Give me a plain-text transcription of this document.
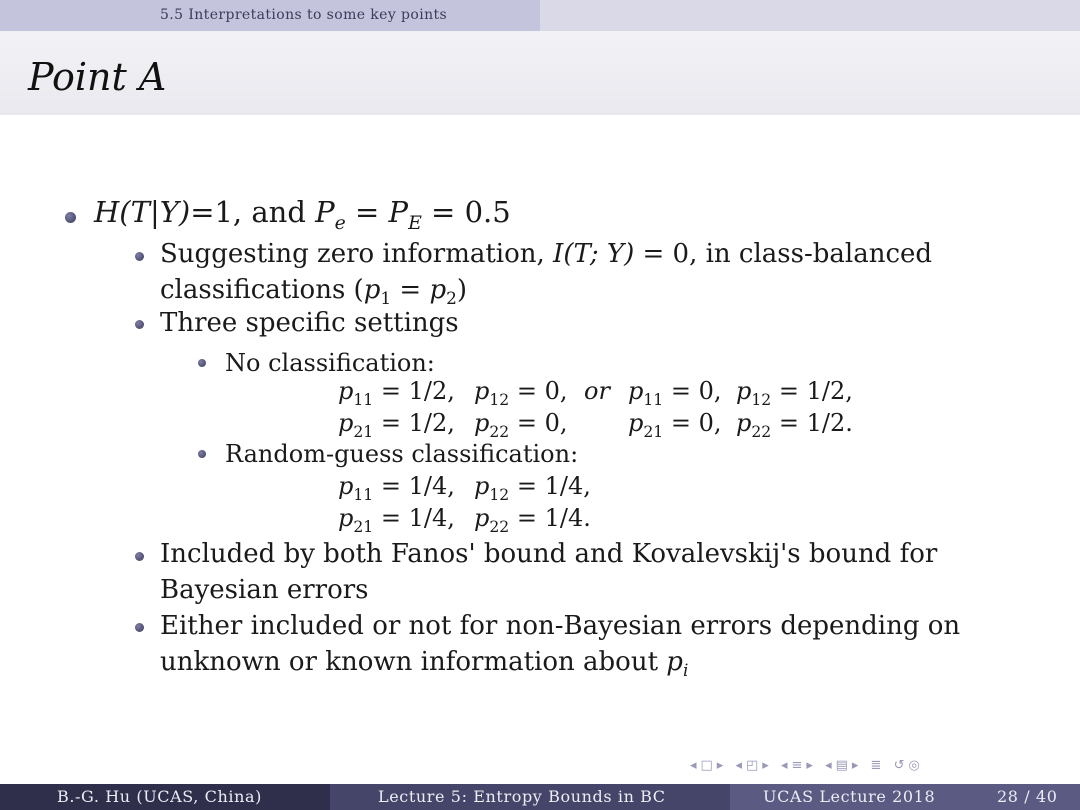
5.5 Interpretations to some key points
Point A
H(T|Y)=1, and $P_e = P_E = 0.5$
Suggesting zero information, I(T; Y) = 0, in class-balanced
classifications $(p_1 = p_2)$
Three specific settings
No classification:
$p_{11} = 1/2$, $p_{12} = 0$, or $p_{11} = 0$, $p_{12} = 1/2$,
$p_{21} = 1/2$, $p_{22} = 0$,	$p_{21} = 0$, $p_{22} = 1/2$.
Random-guess classification:
$p_{11} = 1/4$, $p_{12} = 1/4$,
$p_{21} = 1/4$, $p_{22} = 1/4$.
Included by both Fanos' bound and Kovalevskij's bound for
Bayesian errors
Either included or not for non-Bayesian errors depending on
unknown or known information about $p_i$
◂□▸ ◂◰▸ ◂≡▸ ◂▤▸ ≣ ↺◎
B.-G. Hu (UCAS, China)	Lecture 5: Entropy Bounds in BC	UCAS Lecture 2018	28 / 40
